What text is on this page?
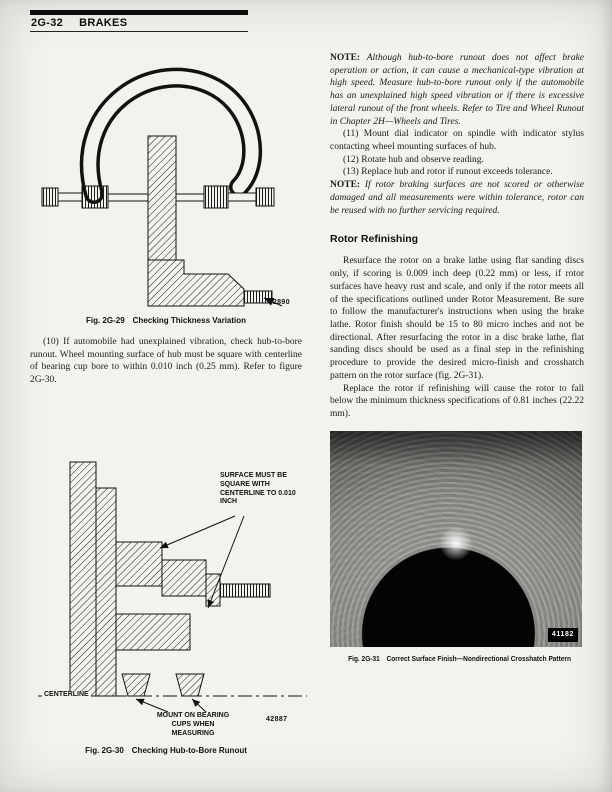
2G-32 BRAKES
42890
Fig. 2G-29 Checking Thickness Variation

(10) If automobile had unexplained vibration, check hub-to-bore runout. Wheel mounting surface of hub must be square with centerline of bearing cup bore to within 0.010 inch (0.25 mm). Refer to figure 2G-30.

SURFACE MUST BE SQUARE WITH CENTERLINE TO 0.010 INCH
CENTERLINE
MOUNT ON BEARING CUPS WHEN MEASURING
42887
Fig. 2G-30 Checking Hub-to-Bore Runout

NOTE: Although hub-to-bore runout does not affect brake operation or action, it can cause a mechanical-type vibration at high speed. Measure hub-to-bore runout only if the automobile has an unexplained high speed vibration or if there is excessive lateral runout of the front wheels. Refer to Tire and Wheel Runout in Chapter 2H—Wheels and Tires.

(11) Mount dial indicator on spindle with indicator stylus contacting wheel mounting surfaces of hub.

(12) Rotate hub and observe reading.

(13) Replace hub and rotor if runout exceeds tolerance.

NOTE: If rotor braking surfaces are not scored or otherwise damaged and all measurements were within tolerance, rotor can be reused with no further servicing required.

Rotor Refinishing

Resurface the rotor on a brake lathe using flat sanding discs only, if scoring is 0.009 inch deep (0.22 mm) or less, if rotor surfaces have heavy rust and scale, and only if the rotor meets all of the specifications outlined under Rotor Measurement. Be sure to follow the manufacturer's instructions when using the brake lathe. Rotor finish should be 15 to 80 micro inches and not be directional. After resurfacing the rotor in a disc brake lathe, flat sanding discs should be used as a final step in the refinishing procedure to provide the desired micro-finish and crosshatch pattern on the rotor surface (fig. 2G-31).

Replace the rotor if refinishing will cause the rotor to fall below the minimum thickness specifications of 0.81 inches (22.22 mm).

41182
Fig. 2G-31 Correct Surface Finish—Nondirectional Crosshatch Pattern
